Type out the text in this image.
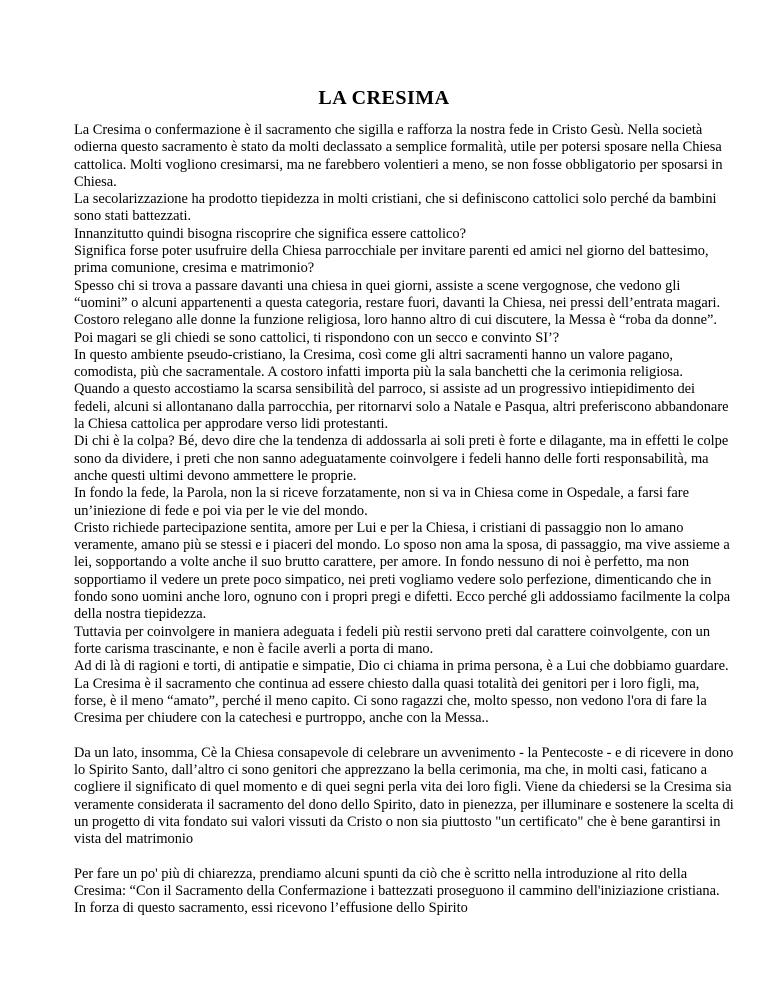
LA CRESIMA

La Cresima o confermazione è il sacramento che sigilla e rafforza la nostra fede in Cristo Gesù. Nella società odierna questo sacramento è stato da molti declassato a semplice formalità, utile per potersi sposare nella Chiesa cattolica. Molti vogliono cresimarsi, ma ne farebbero volentieri a meno, se non fosse obbligatorio per sposarsi in Chiesa.

La secolarizzazione ha prodotto tiepidezza in molti cristiani, che si definiscono cattolici solo perché da bambini sono stati battezzati.

Innanzitutto quindi bisogna riscoprire che significa essere cattolico?

Significa forse poter usufruire della Chiesa parrocchiale per invitare parenti ed amici nel giorno del battesimo, prima comunione, cresima e matrimonio?

Spesso chi si trova a passare davanti una chiesa in quei giorni, assiste a scene vergognose, che vedono gli “uomini” o alcuni appartenenti a questa categoria, restare fuori, davanti la Chiesa, nei pressi dell’entrata magari.

Costoro relegano alle donne la funzione religiosa, loro hanno altro di cui discutere, la Messa è “roba da donne”. Poi magari se gli chiedi se sono cattolici, ti rispondono con un secco e convinto SI’?

In questo ambiente pseudo-cristiano, la Cresima, così come gli altri sacramenti hanno un valore pagano, comodista, più che sacramentale. A costoro infatti importa più la sala banchetti che la cerimonia religiosa.

Quando a questo accostiamo la scarsa sensibilità del parroco, si assiste ad un progressivo intiepidimento dei fedeli, alcuni si allontanano dalla parrocchia, per ritornarvi solo a Natale e Pasqua, altri preferiscono abbandonare la Chiesa cattolica per approdare verso lidi protestanti.

Di chi è la colpa? Bé, devo dire che la tendenza di addossarla ai soli preti è forte e dilagante, ma in effetti le colpe sono da dividere, i preti che non sanno adeguatamente coinvolgere i fedeli hanno delle forti responsabilità, ma anche questi ultimi devono ammettere le proprie.

In fondo la fede, la Parola, non la si riceve forzatamente, non si va in Chiesa come in Ospedale, a farsi fare un’iniezione di fede e poi via per le vie del mondo.

Cristo richiede partecipazione sentita, amore per Lui e per la Chiesa, i cristiani di passaggio non lo amano veramente, amano più se stessi e i piaceri del mondo. Lo sposo non ama la sposa, di passaggio, ma vive assieme a lei, sopportando a volte anche il suo brutto carattere, per amore. In fondo nessuno di noi è perfetto, ma non sopportiamo il vedere un prete poco simpatico, nei preti vogliamo vedere solo perfezione, dimenticando che in fondo sono uomini anche loro, ognuno con i propri pregi e difetti. Ecco perché gli addossiamo facilmente la colpa della nostra tiepidezza.

Tuttavia per coinvolgere in maniera adeguata i fedeli più restii servono preti dal carattere coinvolgente, con un forte carisma trascinante, e non è facile averli a porta di mano.

Ad di là di ragioni e torti, di antipatie e simpatie, Dio ci chiama in prima persona, è a Lui che dobbiamo guardare. La Cresima è il sacramento che continua ad essere chiesto dalla quasi totalità dei genitori per i loro figli, ma, forse, è il meno “amato”, perché il meno capito. Ci sono ragazzi che, molto spesso, non vedono l'ora di fare la Cresima per chiudere con la catechesi e purtroppo, anche con la Messa..

Da un lato, insomma, Cè la Chiesa consapevole di celebrare un avvenimento - la Pentecoste - e di ricevere in dono lo Spirito Santo, dall’altro ci sono genitori che apprezzano la bella cerimonia, ma che, in molti casi, faticano a cogliere il significato di quel momento e di quei segni perla vita dei loro figli. Viene da chiedersi se la Cresima sia veramente considerata il sacramento del dono dello Spirito, dato in pienezza, per illuminare e sostenere la scelta di un progetto di vita fondato sui valori vissuti da Cristo o non sia piuttosto "un certificato" che è bene garantirsi in vista del matrimonio

Per fare un po' più di chiarezza, prendiamo alcuni spunti da ciò che è scritto nella introduzione al rito della Cresima: “Con il Sacramento della Confermazione i battezzati proseguono il cammino dell'iniziazione cristiana. In forza di questo sacramento, essi ricevono l’effusione dello Spirito
